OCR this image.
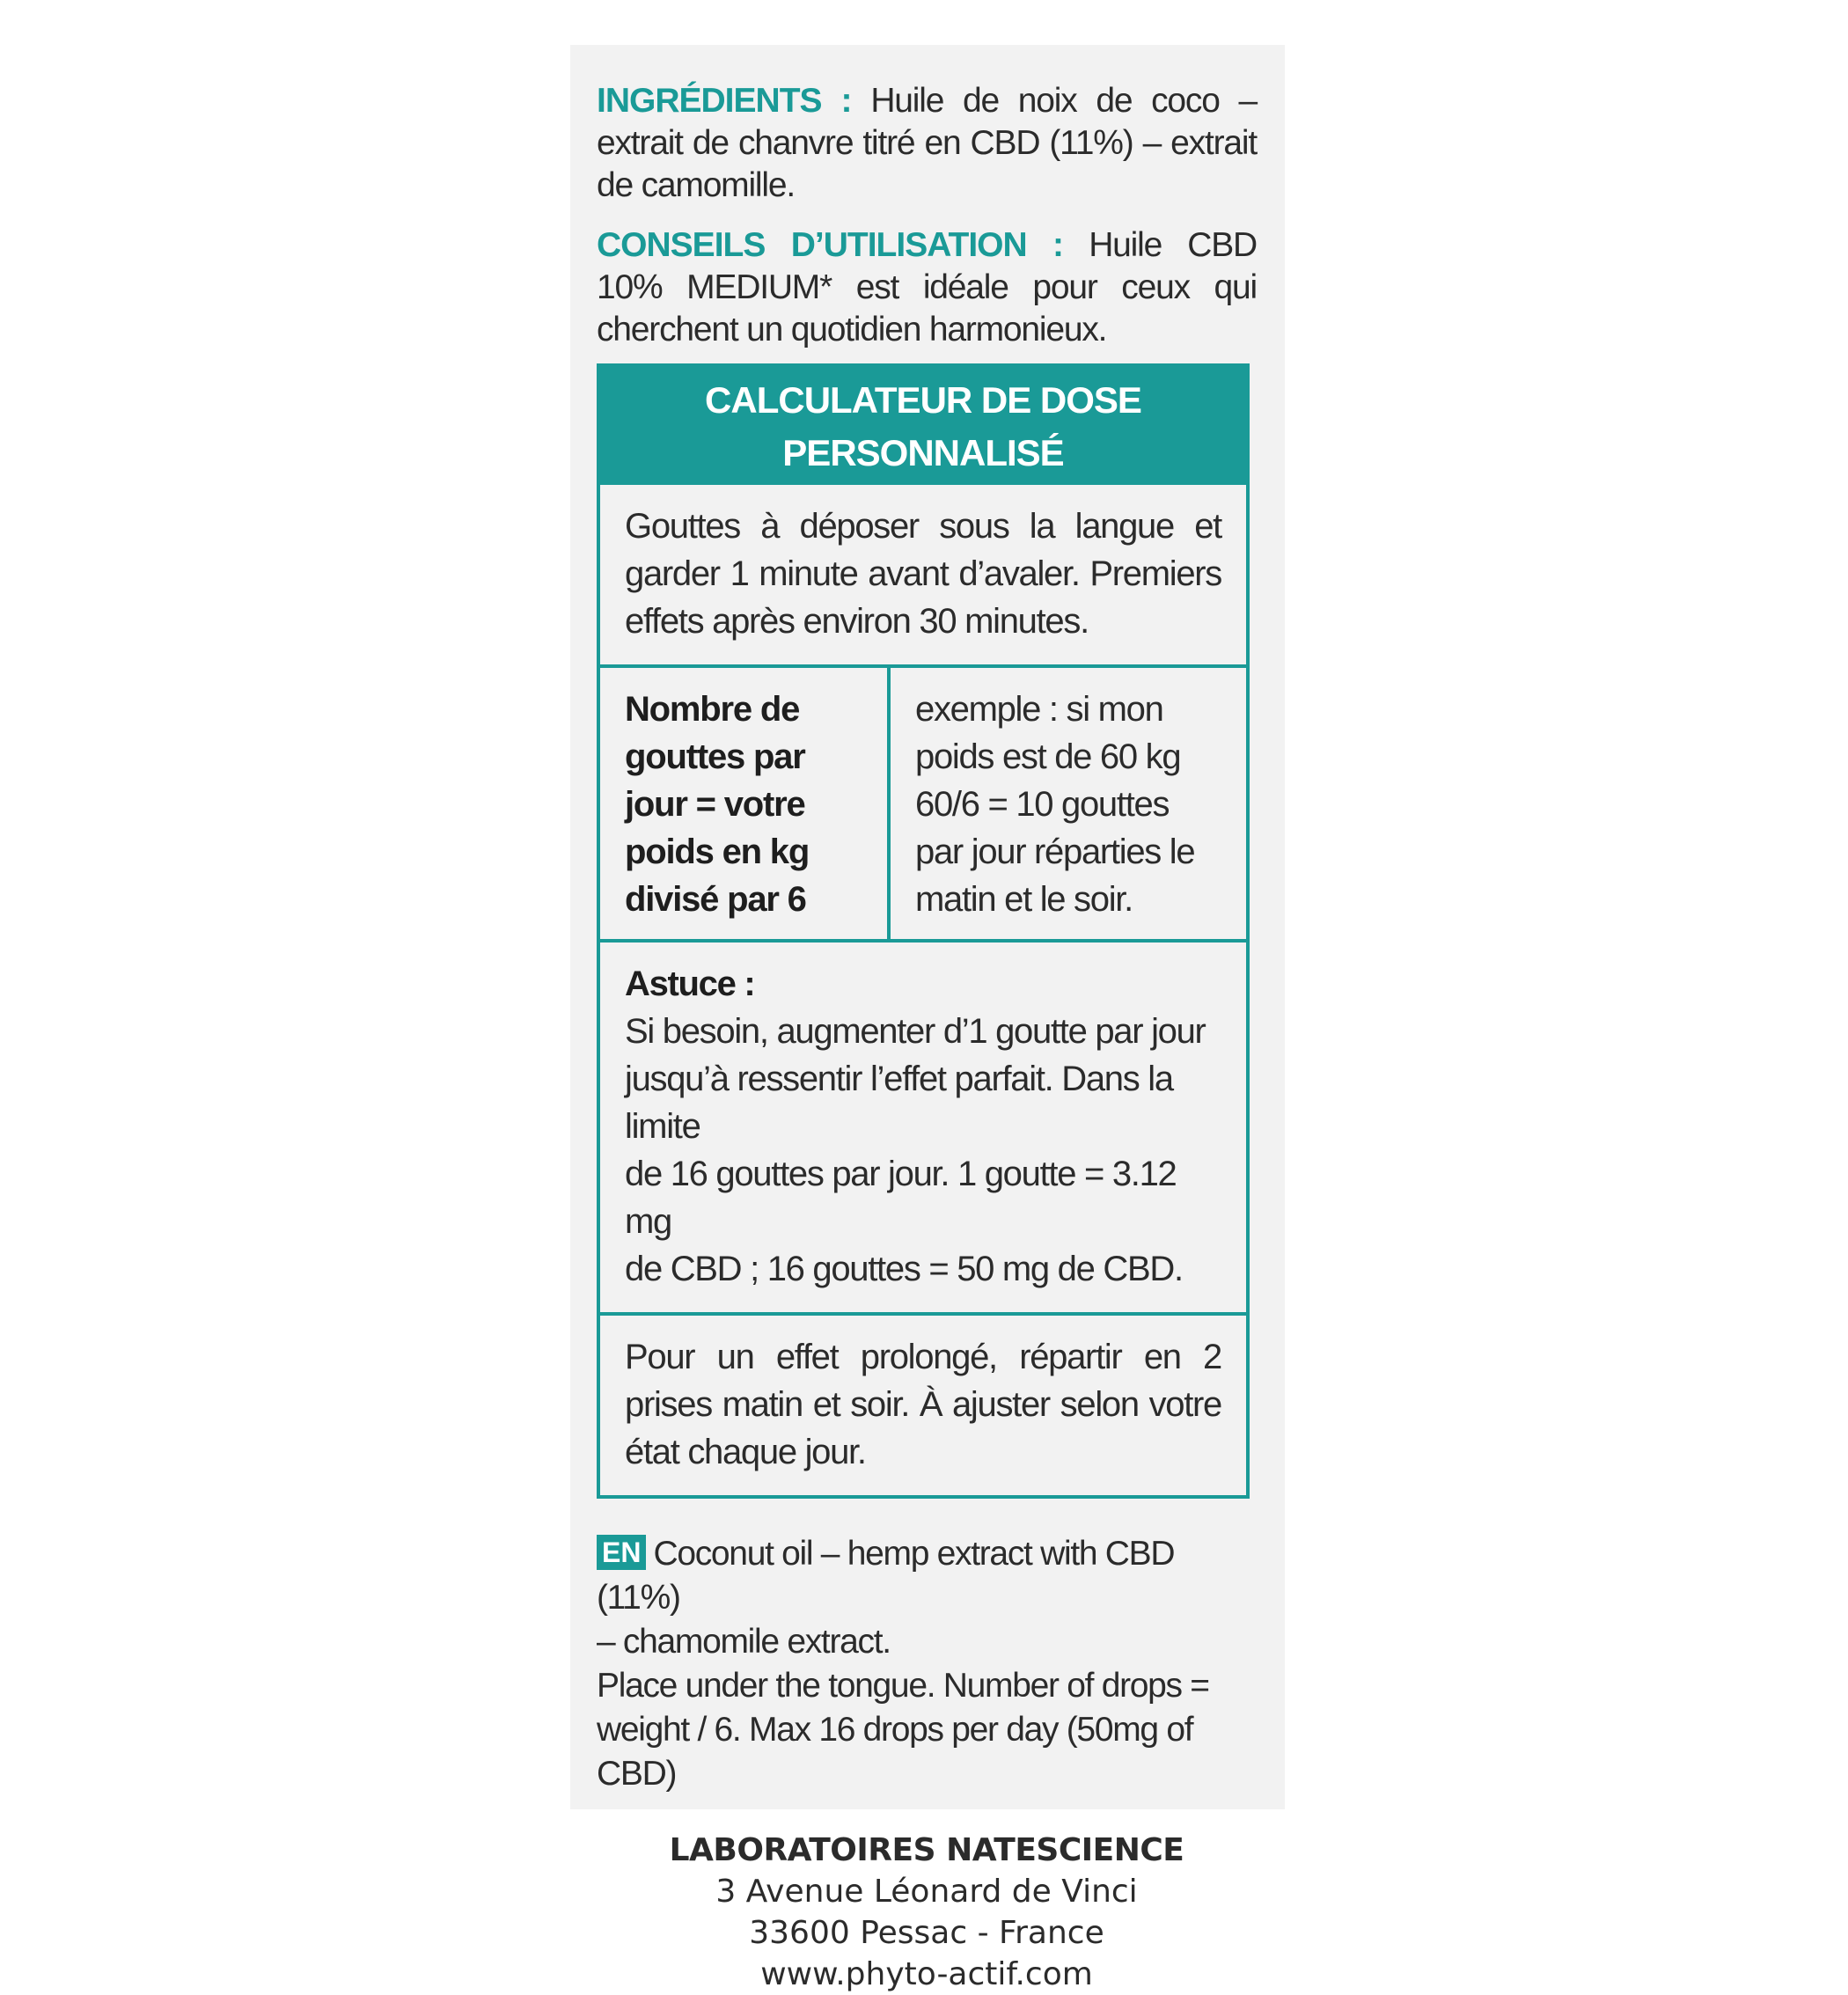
INGRÉDIENTS : Huile de noix de coco – extrait de chanvre titré en CBD (11%) – extrait de camomille.

CONSEILS D’UTILISATION : Huile CBD 10% MEDIUM* est idéale pour ceux qui cherchent un quotidien harmonieux.

CALCULATEUR DE DOSE
PERSONNALISÉ
Gouttes à déposer sous la langue et garder 1 minute avant d’avaler. Premiers effets après environ 30 minutes.
Nombre de
gouttes par
jour = votre
poids en kg
divisé par 6
exemple : si mon
poids est de 60 kg
60/6 = 10 gouttes
par jour réparties le
matin et le soir.
Astuce :
Si besoin, augmenter d’1 goutte par jour
jusqu’à ressentir l’effet parfait. Dans la limite
de 16 gouttes par jour. 1 goutte = 3.12 mg
de CBD ; 16 gouttes = 50 mg de CBD.
Pour un effet prolongé, répartir en 2 prises matin et soir. À ajuster selon votre état chaque jour.
EN Coconut oil – hemp extract with CBD (11%)
– chamomile extract.
Place under the tongue. Number of drops =
weight / 6. Max 16 drops per day (50mg of CBD)
LABORATOIRES NATESCIENCE
3 Avenue Léonard de Vinci
33600 Pessac - France
www.phyto-actif.com
